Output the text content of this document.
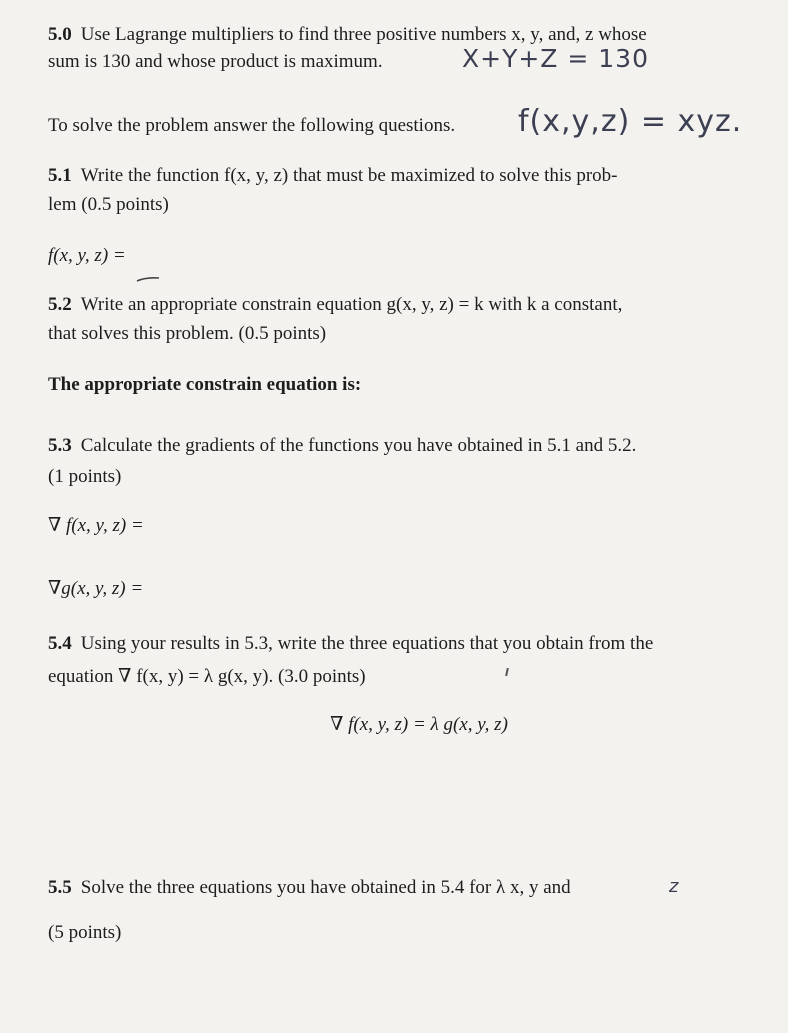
5.0 Use Lagrange multipliers to find three positive numbers x, y, and, z whose
sum is 130 and whose product is maximum.	X+Y+Z = 130
To solve the problem answer the following questions.	f(x,y,z) = xyz.
5.1 Write the function f(x, y, z) that must be maximized to solve this prob-
lem (0.5 points)
f(x, y, z) =
5.2 Write an appropriate constrain equation g(x, y, z) = k with k a constant,
that solves this problem. (0.5 points)
The appropriate constrain equation is:
5.3 Calculate the gradients of the functions you have obtained in 5.1 and 5.2.
(1 points)
∇ f(x, y, z) =
∇g(x, y, z) =
5.4 Using your results in 5.3, write the three equations that you obtain from the
equation ∇ f(x, y) = λ g(x, y). (3.0 points)
∇ f(x, y, z) = λ g(x, y, z)
5.5 Solve the three equations you have obtained in 5.4 for λ x, y and	z
(5 points)
